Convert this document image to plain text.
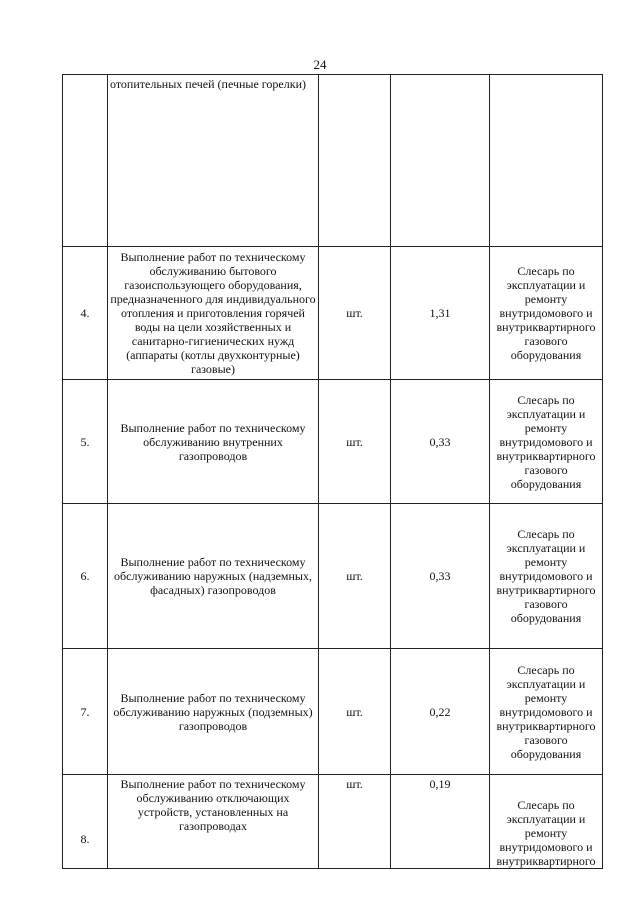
24
	отопительных печей (печные горелки)			
4.	Выполнение работ по техническому обслуживанию бытового газоиспользующего оборудования, предназначенного для индивидуального отопления и приготовления горячей воды на цели хозяйственных и санитарно-гигиенических нужд (аппараты (котлы двухконтурные) газовые)	шт.	1,31	Слесарь по эксплуатации и ремонту внутридомового и внутриквартирного газового оборудования
5.	Выполнение работ по техническому обслуживанию внутренних газопроводов	шт.	0,33	Слесарь по эксплуатации и ремонту внутридомового и внутриквартирного газового оборудования
6.	Выполнение работ по техническому обслуживанию наружных (надземных, фасадных) газопроводов	шт.	0,33	Слесарь по эксплуатации и ремонту внутридомового и внутриквартирного газового оборудования
7.	Выполнение работ по техническому обслуживанию наружных (подземных) газопроводов	шт.	0,22	Слесарь по эксплуатации и ремонту внутридомового и внутриквартирного газового оборудования
8.	Выполнение работ по техническому обслуживанию отключающих устройств, установленных на газопроводах	шт.	0,19	Слесарь по эксплуатации и ремонту внутридомового и внутриквартирного
